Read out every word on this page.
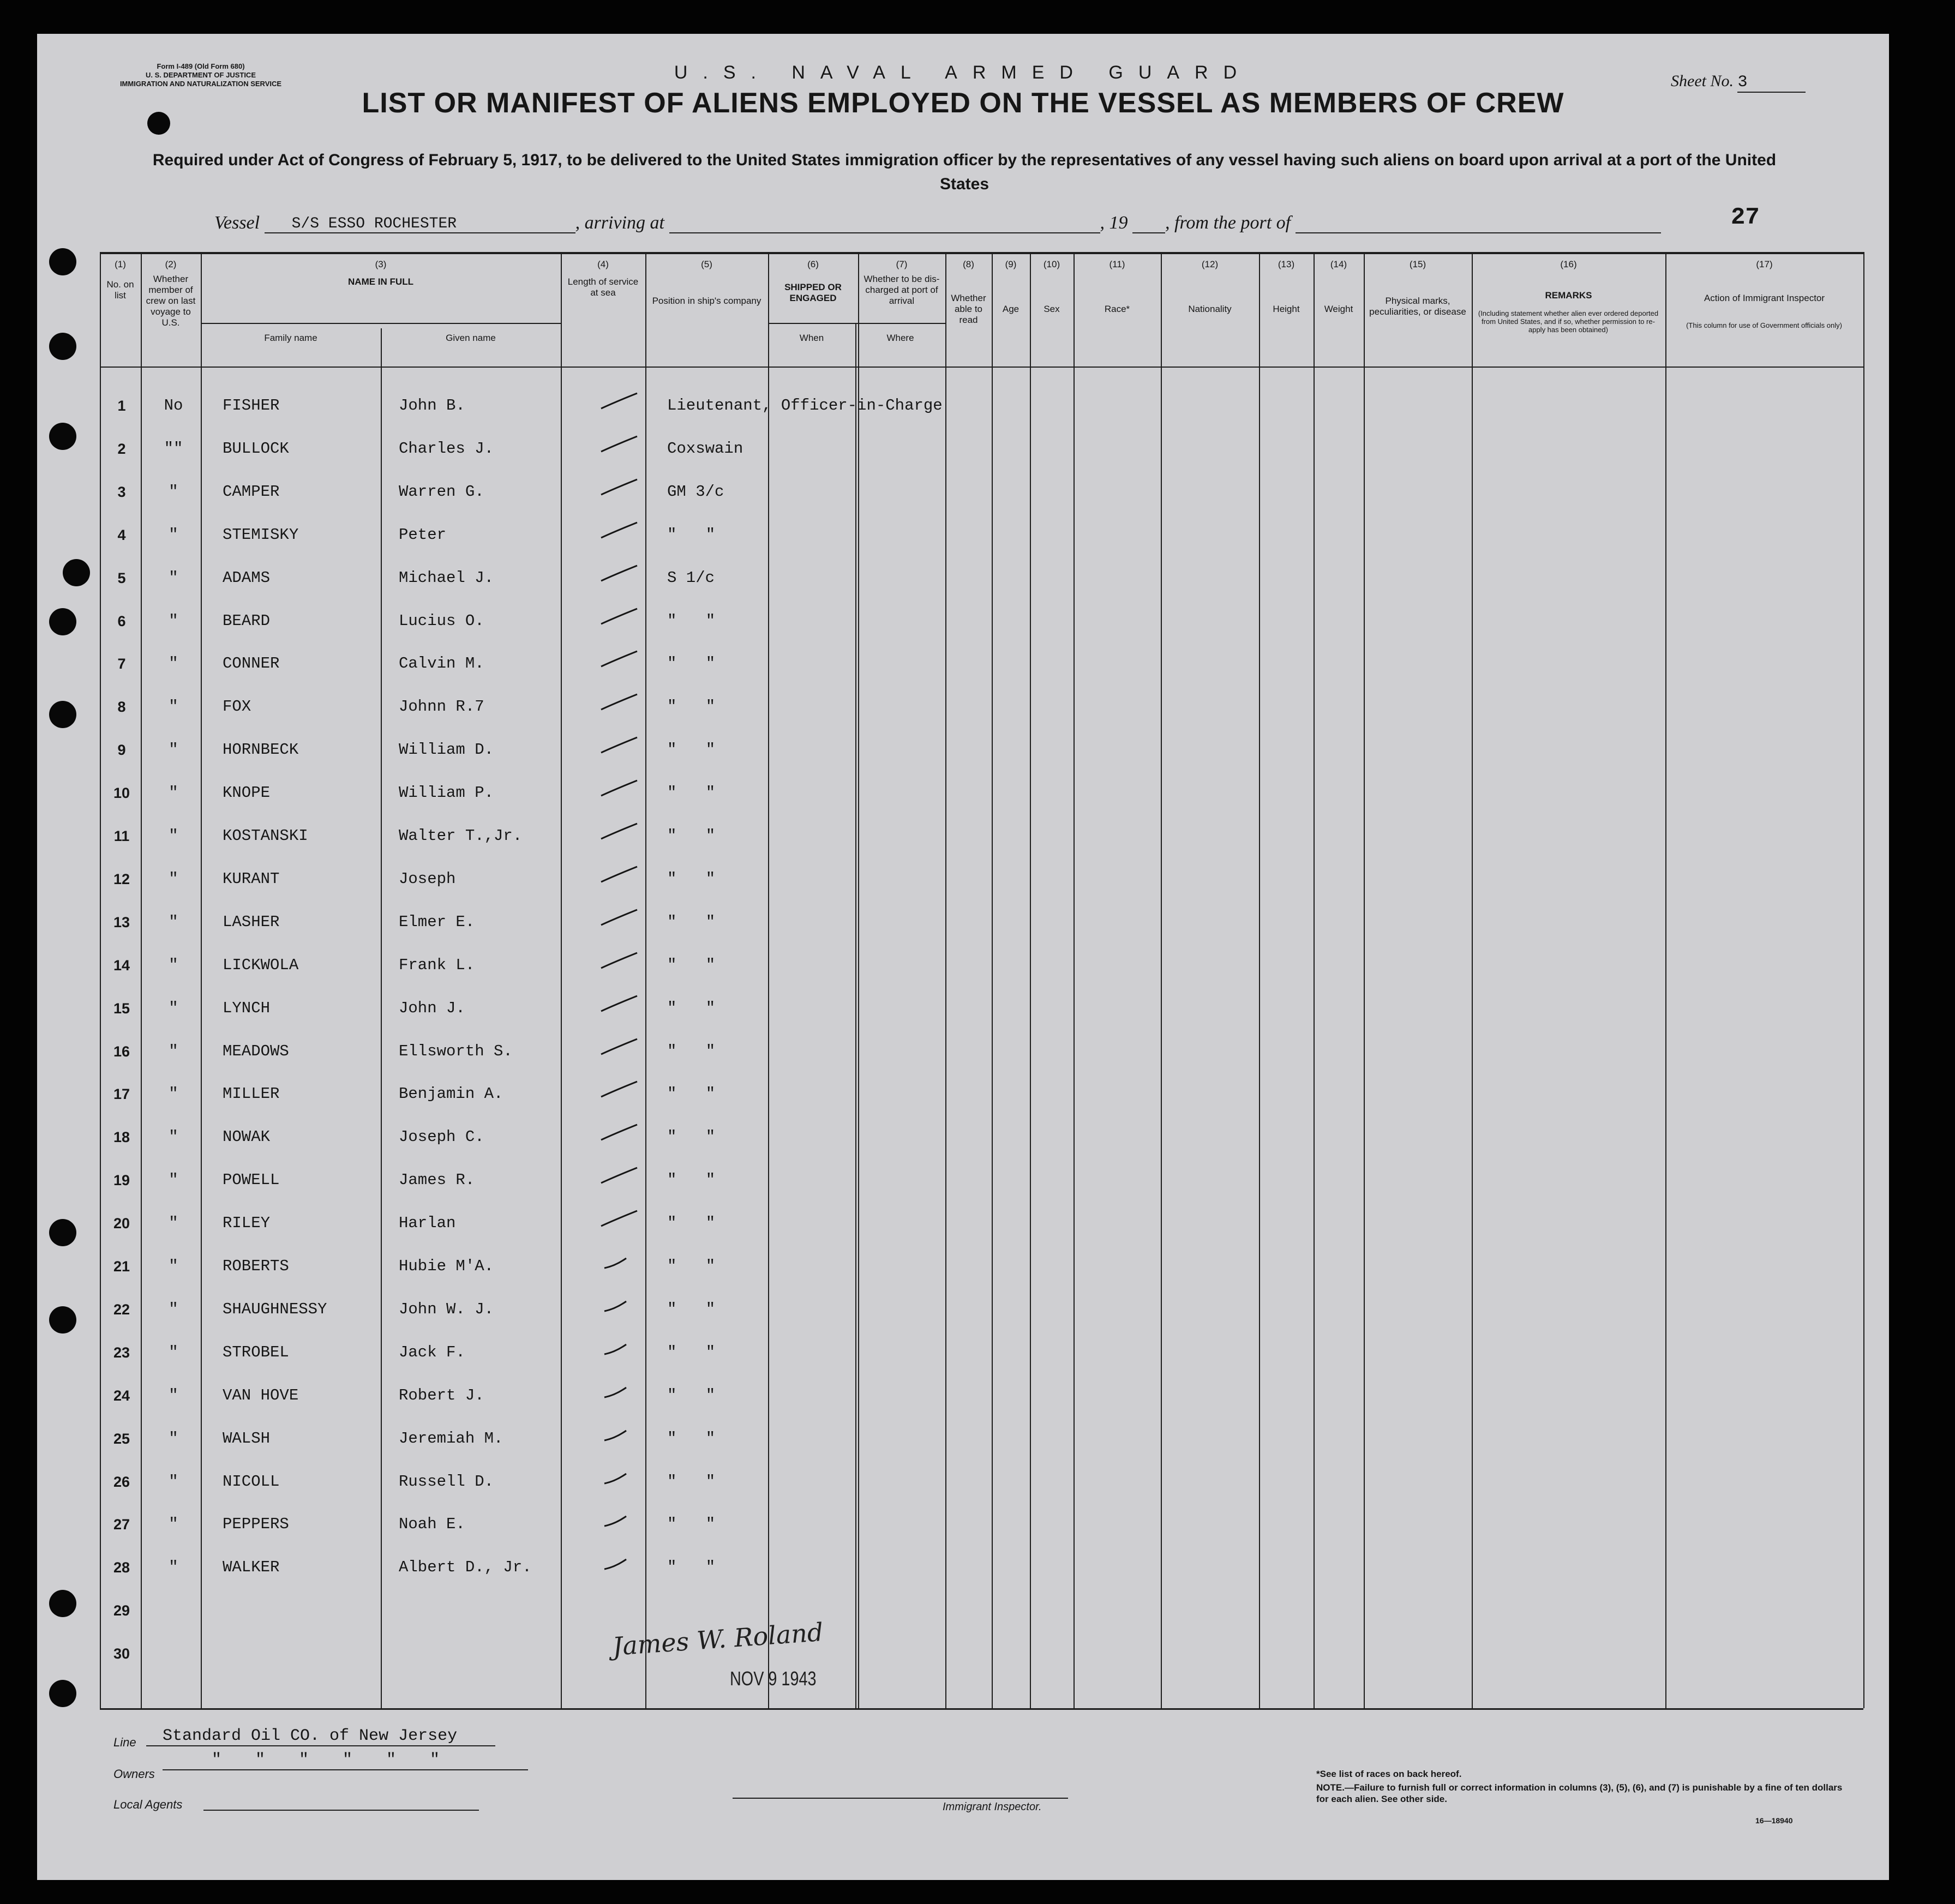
Form I-489 (Old Form 680)
U. S. DEPARTMENT OF JUSTICE
IMMIGRATION AND NATURALIZATION SERVICE
U.S. NAVAL ARMED GUARD	Sheet No. 3
LIST OR MANIFEST OF ALIENS EMPLOYED ON THE VESSEL AS MEMBERS OF CREW
Required under Act of Congress of February 5, 1917, to be delivered to the United States immigration officer by the representatives of any vessel having such aliens on board upon arrival at a port of the United States
Vessel S/S ESSO ROCHESTER	, arriving at	, 19 , from the port of	27
(1)
No. on list
(2)
Whether member of crew on last voyage to U.S.
(3)
NAME IN FULL
(4)
Length of service at sea
(5)
Position in ship's company
(6)
SHIPPED OR ENGAGED
(7)
Whether to be dis-charged at port of arrival
(8)
Whether able to read
(9)
Age
(10)
Sex
(11)
Race*
(12)
Nationality
(13)
Height
(14)
Weight
(15)
Physical marks, peculiarities, or disease
(16)
REMARKS
(17)
Action of Immigrant Inspector
Family name	Given name	When	Where
(Including statement whether alien ever ordered deported from United States, and if so, whether permission to re-apply has been obtained)
(This column for use of Government officials only)
1	No	FISHER	John B.	Lieutenant, Officer-in-Charge
2	""	BULLOCK	Charles J.	Coxswain
3	"	CAMPER	Warren G.	GM 3/c
4	"	STEMISKY	Peter	" "
5	"	ADAMS	Michael J.	S 1/c
6	"	BEARD	Lucius O.	" "
7	"	CONNER	Calvin M.	" "
8	"	FOX	Johnn R.7	" "
9	"	HORNBECK	William D.	" "
10	"	KNOPE	William P.	" "
11	"	KOSTANSKI	Walter T.,Jr.	" "
12	"	KURANT	Joseph	" "
13	"	LASHER	Elmer E.	" "
14	"	LICKWOLA	Frank L.	" "
15	"	LYNCH	John J.	" "
16	"	MEADOWS	Ellsworth S.	" "
17	"	MILLER	Benjamin A.	" "
18	"	NOWAK	Joseph C.	" "
19	"	POWELL	James R.	" "
20	"	RILEY	Harlan	" "
21	"	ROBERTS	Hubie M'A.	" "
22	"	SHAUGHNESSY	John W. J.	" "
23	"	STROBEL	Jack F.	" "
24	"	VAN HOVE	Robert J.	" "
25	"	WALSH	Jeremiah M.	" "
26	"	NICOLL	Russell D.	" "
27	"	PEPPERS	Noah E.	" "
28	"	WALKER	Albert D., Jr.	" "
29
30	James W. Roland
NOV 9 1943
Line	Standard Oil CO. of New Jersey
Owners
" " " " " "
Local Agents	Immigrant Inspector.
*See list of races on back hereof.
NOTE.—Failure to furnish full or correct information in columns (3), (5), (6), and (7) is punishable by a fine of ten dollars for each alien. See other side.
16—18940
